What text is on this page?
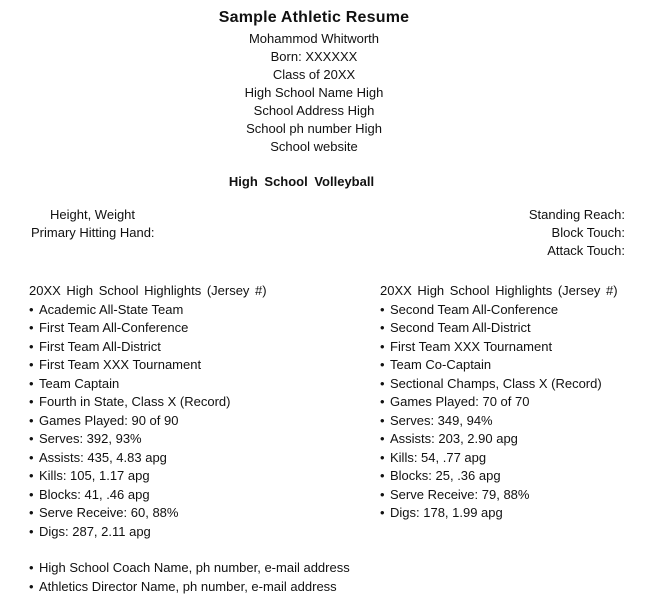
Sample Athletic Resume
Mohammod Whitworth
Born: XXXXXX
Class of 20XX
High School Name High
School Address High
School ph number High
School website
High School Volleyball
Height, Weight
Primary Hitting Hand:
Standing Reach:
Block Touch:
Attack Touch:
20XX High School Highlights (Jersey #)
• Academic All-State Team
• First Team All-Conference
• First Team All-District
• First Team XXX Tournament
• Team Captain
• Fourth in State, Class X (Record)
• Games Played: 90 of 90
• Serves: 392, 93%
• Assists: 435, 4.83 apg
• Kills: 105, 1.17 apg
• Blocks: 41, .46 apg
• Serve Receive: 60, 88%
• Digs: 287, 2.11 apg
20XX High School Highlights (Jersey #)
• Second Team All-Conference
• Second Team All-District
• First Team XXX Tournament
• Team Co-Captain
• Sectional Champs, Class X (Record)
• Games Played: 70 of 70
• Serves: 349, 94%
• Assists: 203, 2.90 apg
• Kills: 54, .77 apg
• Blocks: 25, .36 apg
• Serve Receive: 79, 88%
• Digs: 178, 1.99 apg
• High School Coach Name, ph number, e-mail address
• Athletics Director Name, ph number, e-mail address
